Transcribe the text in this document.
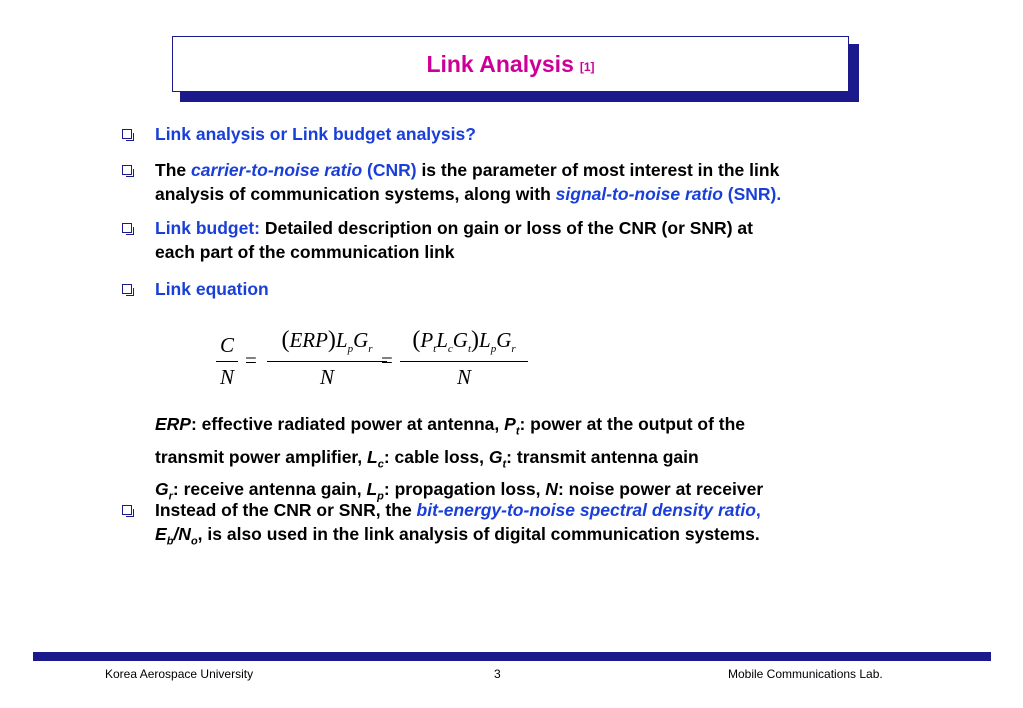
Link Analysis [1]
Link analysis or Link budget analysis?
The carrier-to-noise ratio (CNR) is the parameter of most interest in the link
analysis of communication systems, along with signal-to-noise ratio (SNR).
Link budget: Detailed description on gain or loss of the CNR (or SNR) at
each part of the communication link
Link equation
Instead of the CNR or SNR, the bit-energy-to-noise spectral density ratio,
$E_b/N_o$, is also used in the link analysis of digital communication systems.
C
N
=
$(ERP)L_pG_r$
N
=
$(P_tL_cG_t)L_pG_r$
N
ERP: effective radiated power at antenna, $P_t$: power at the output of the
transmit power amplifier, $L_c$: cable loss, $G_t$: transmit antenna gain
$G_r$: receive antenna gain, $L_p$: propagation loss, N: noise power at receiver
Korea Aerospace University	3	Mobile Communications Lab.
